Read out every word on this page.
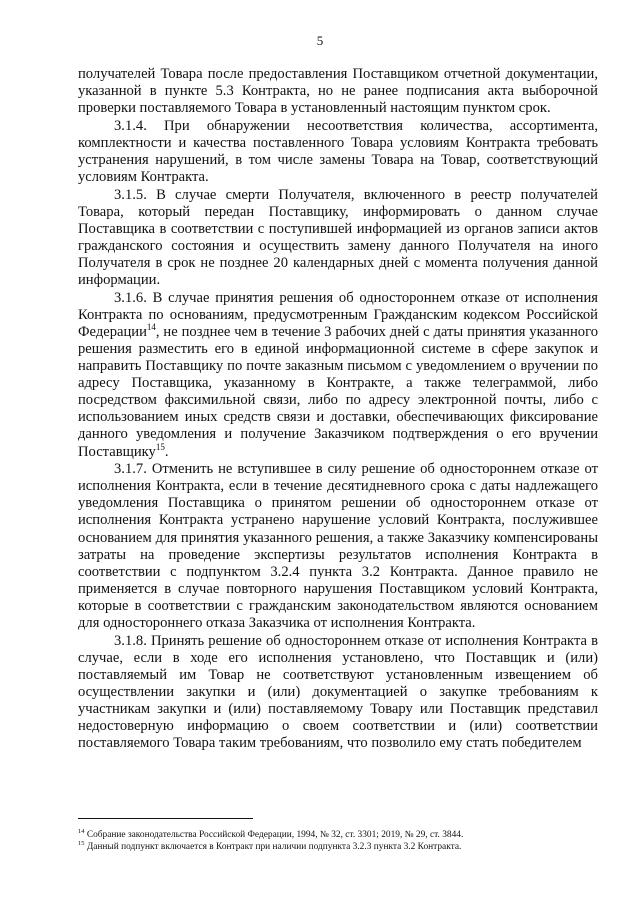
5

получателей Товара после предоставления Поставщиком отчетной документации, указанной в пункте 5.3 Контракта, но не ранее подписания акта выборочной проверки поставляемого Товара в установленный настоящим пунктом срок.

3.1.4. При обнаружении несоответствия количества, ассортимента, комплектности и качества поставленного Товара условиям Контракта требовать устранения нарушений, в том числе замены Товара на Товар, соответствующий условиям Контракта.

3.1.5. В случае смерти Получателя, включенного в реестр получателей Товара, который передан Поставщику, информировать о данном случае Поставщика в соответствии с поступившей информацией из органов записи актов гражданского состояния и осуществить замену данного Получателя на иного Получателя в срок не позднее 20 календарных дней с момента получения данной информации.

3.1.6. В случае принятия решения об одностороннем отказе от исполнения Контракта по основаниям, предусмотренным Гражданским кодексом Российской Федерации$^{14}$, не позднее чем в течение 3 рабочих дней с даты принятия указанного решения разместить его в единой информационной системе в сфере закупок и направить Поставщику по почте заказным письмом с уведомлением о вручении по адресу Поставщика, указанному в Контракте, а также телеграммой, либо посредством факсимильной связи, либо по адресу электронной почты, либо с использованием иных средств связи и доставки, обеспечивающих фиксирование данного уведомления и получение Заказчиком подтверждения о его вручении Поставщику$^{15}$.

3.1.7. Отменить не вступившее в силу решение об одностороннем отказе от исполнения Контракта, если в течение десятидневного срока с даты надлежащего уведомления Поставщика о принятом решении об одностороннем отказе от исполнения Контракта устранено нарушение условий Контракта, послужившее основанием для принятия указанного решения, а также Заказчику компенсированы затраты на проведение экспертизы результатов исполнения Контракта в соответствии с подпунктом 3.2.4 пункта 3.2 Контракта. Данное правило не применяется в случае повторного нарушения Поставщиком условий Контракта, которые в соответствии с гражданским законодательством являются основанием для одностороннего отказа Заказчика от исполнения Контракта.

3.1.8. Принять решение об одностороннем отказе от исполнения Контракта в случае, если в ходе его исполнения установлено, что Поставщик и (или) поставляемый им Товар не соответствуют установленным извещением об осуществлении закупки и (или) документацией о закупке требованиям к участникам закупки и (или) поставляемому Товару или Поставщик представил недостоверную информацию о своем соответствии и (или) соответствии поставляемого Товара таким требованиям, что позволило ему стать победителем

$^{14}$ Собрание законодательства Российской Федерации, 1994, № 32, ст. 3301; 2019, № 29, ст. 3844.

$^{15}$ Данный подпункт включается в Контракт при наличии подпункта 3.2.3 пункта 3.2 Контракта.
